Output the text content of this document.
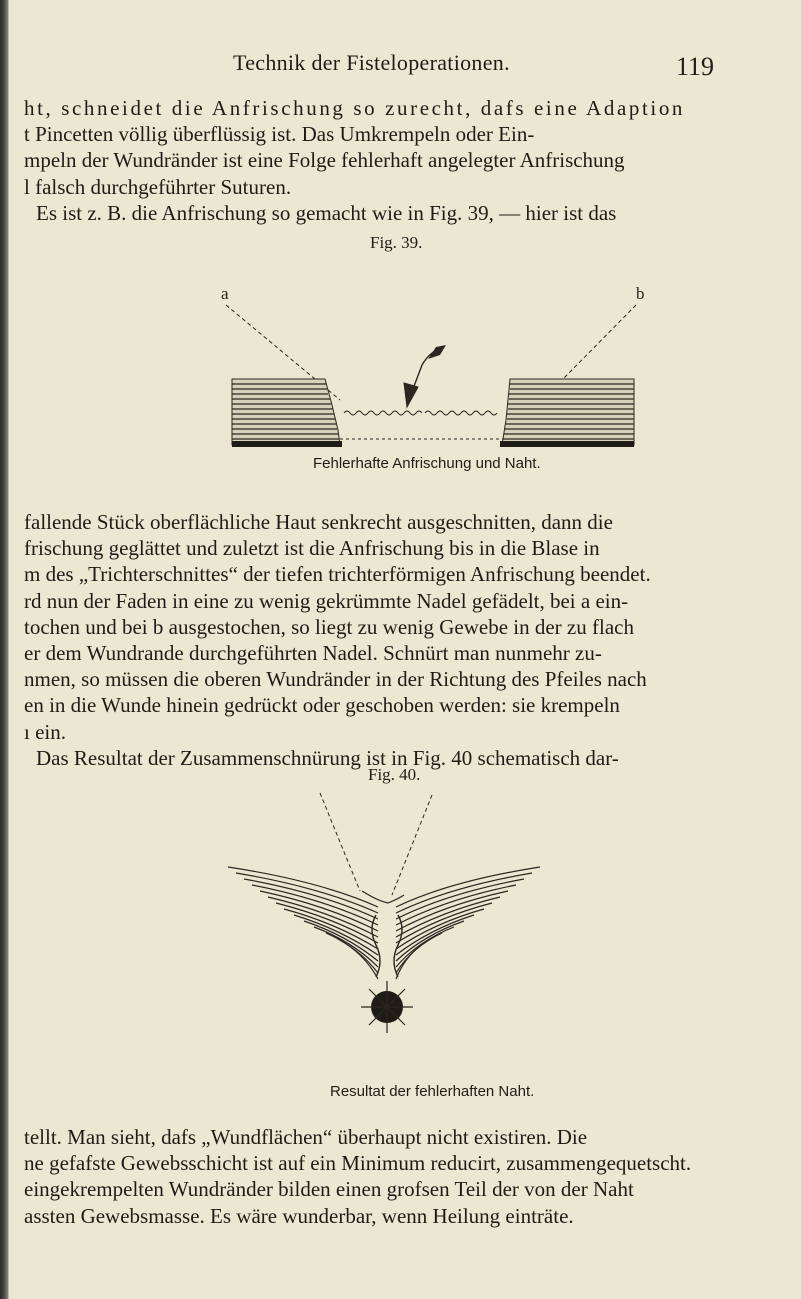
Technik der Fisteloperationen.	119
ht, schneidet die Anfrischung so zurecht, dafs eine Adaption
t Pincetten völlig überflüssig ist. Das Umkrempeln oder Ein-
mpeln der Wundränder ist eine Folge fehlerhaft angelegter Anfrischung
l falsch durchgeführter Suturen.
Es ist z. B. die Anfrischung so gemacht wie in Fig. 39, — hier ist das
Fig. 39.
a	b
Fehlerhafte Anfrischung und Naht.
fallende Stück oberflächliche Haut senkrecht ausgeschnitten, dann die
frischung geglättet und zuletzt ist die Anfrischung bis in die Blase in
m des „Trichterschnittes“ der tiefen trichterförmigen Anfrischung beendet.
rd nun der Faden in eine zu wenig gekrümmte Nadel gefädelt, bei a ein-
tochen und bei b ausgestochen, so liegt zu wenig Gewebe in der zu flach
er dem Wundrande durchgeführten Nadel. Schnürt man nunmehr zu-
nmen, so müssen die oberen Wundränder in der Richtung des Pfeiles nach
en in die Wunde hinein gedrückt oder geschoben werden: sie krempeln
ı ein.
Das Resultat der Zusammenschnürung ist in Fig. 40 schematisch dar-
Fig. 40.
Resultat der fehlerhaften Naht.
tellt. Man sieht, dafs „Wundflächen“ überhaupt nicht existiren. Die
ne gefafste Gewebsschicht ist auf ein Minimum reducirt, zusammengequetscht.
eingekrempelten Wundränder bilden einen grofsen Teil der von der Naht
assten Gewebsmasse. Es wäre wunderbar, wenn Heilung einträte.
